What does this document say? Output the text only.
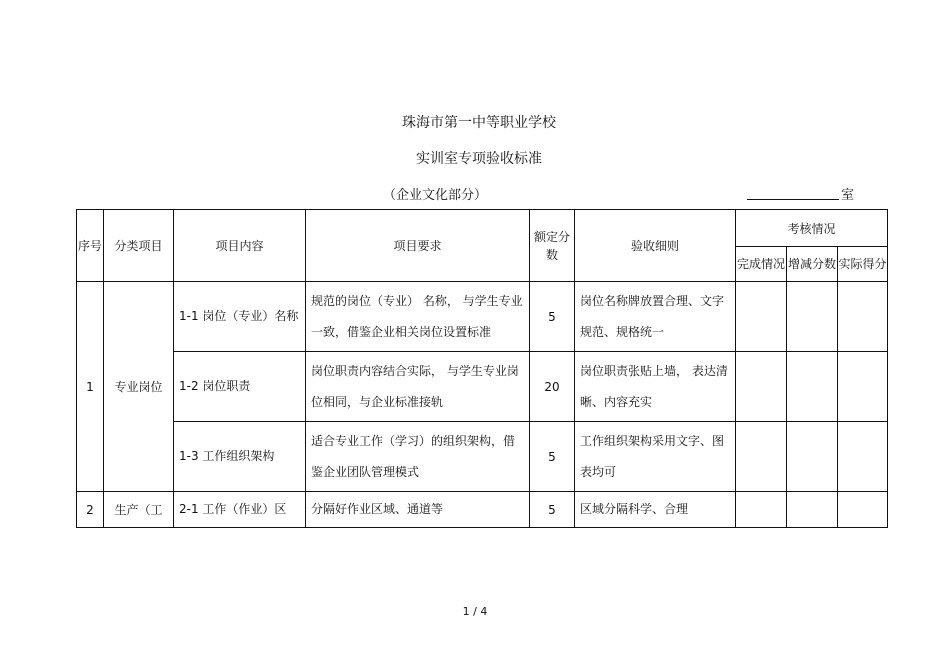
珠海市第一中等职业学校
实训室专项验收标准
（企业文化部分）	室
序号	分类项目	项目内容	项目要求	额定分数	验收细则	考核情况		
						完成情况	增减分数	实际得分
1	专业岗位	1-1 岗位（专业）名称	规范的岗位（专业） 名称， 与学生专业一致，借鉴企业相关岗位设置标准	5	岗位名称牌放置合理、文字规范、规格统一			
		1-2 岗位职责	岗位职责内容结合实际， 与学生专业岗位相同，与企业标准接轨	20	岗位职责张贴上墙， 表达清晰、内容充实			
		1-3 工作组织架构	适合专业工作（学习）的组织架构，借鉴企业团队管理模式	5	工作组织架构采用文字、图表均可			
2	生产（工	2-1 工作（作业）区	分隔好作业区域、通道等	5	区域分隔科学、合理			
1 / 4
